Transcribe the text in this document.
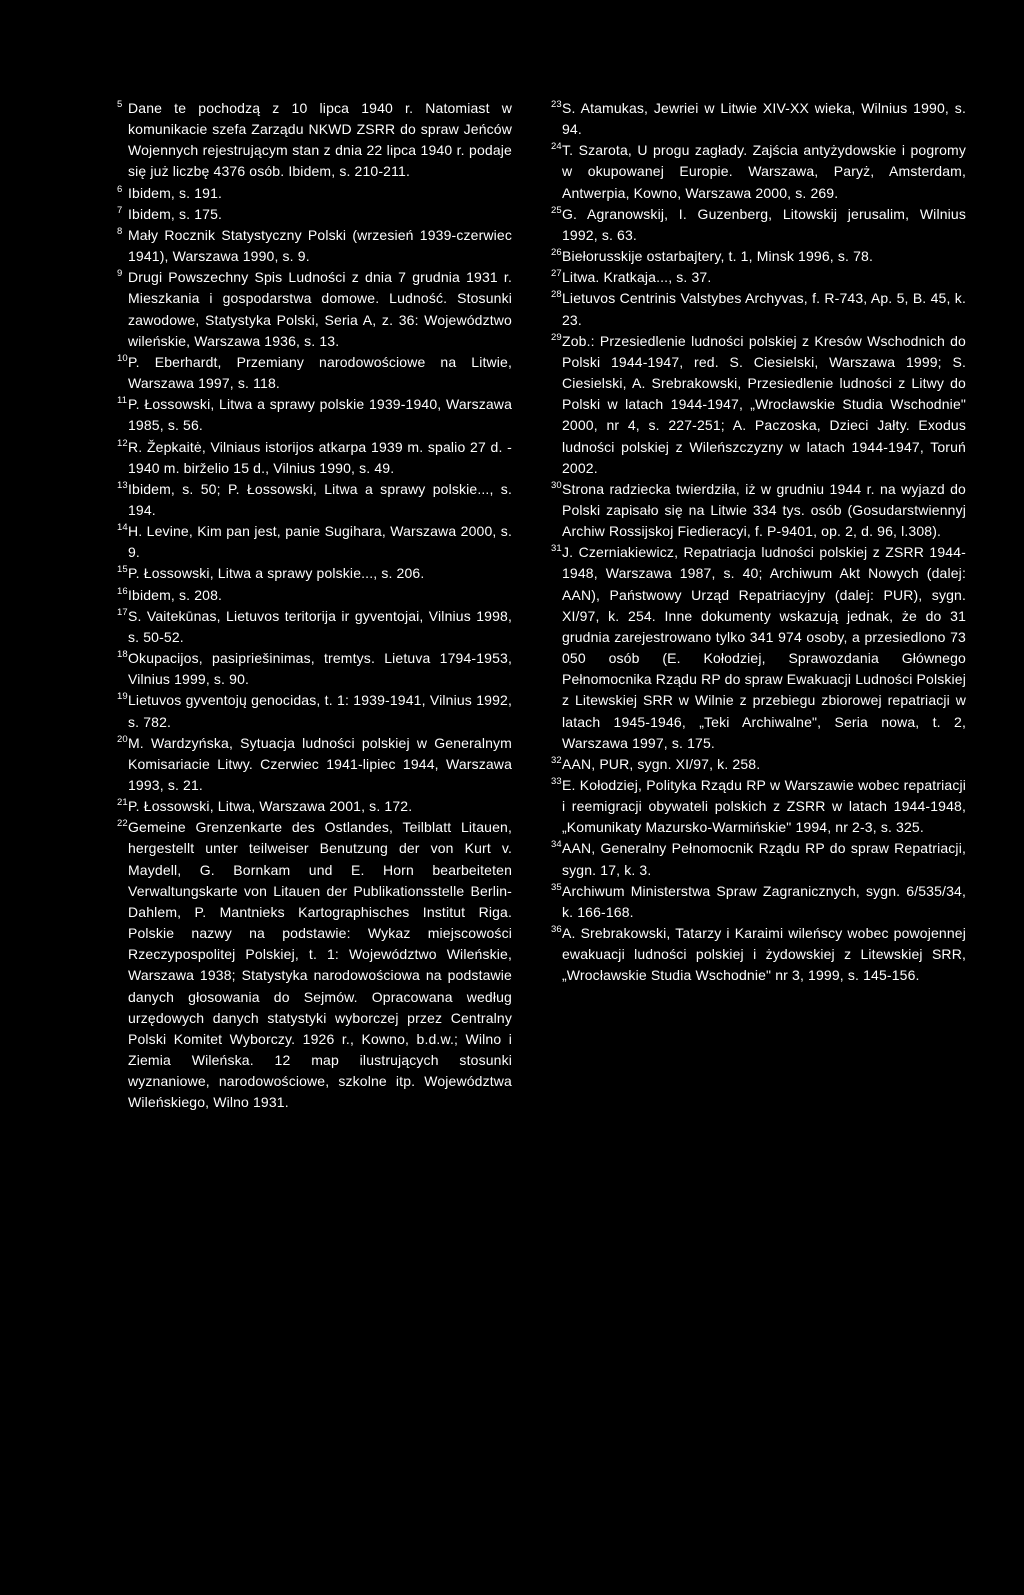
5 Dane te pochodzą z 10 lipca 1940 r. Natomiast w komunikacie szefa Zarządu NKWD ZSRR do spraw Jeńców Wojennych rejestrującym stan z dnia 22 lipca 1940 r. podaje się już liczbę 4376 osób. Ibidem, s. 210-211.
6 Ibidem, s. 191.
7 Ibidem, s. 175.
8 Mały Rocznik Statystyczny Polski (wrzesień 1939-czerwiec 1941), Warszawa 1990, s. 9.
9 Drugi Powszechny Spis Ludności z dnia 7 grudnia 1931 r. Mieszkania i gospodarstwa domowe. Ludność. Stosunki zawodowe, Statystyka Polski, Seria A, z. 36: Województwo wileńskie, Warszawa 1936, s. 13.
10 P. Eberhardt, Przemiany narodowościowe na Litwie, Warszawa 1997, s. 118.
11 P. Łossowski, Litwa a sprawy polskie 1939-1940, Warszawa 1985, s. 56.
12 R. Žepkaitė, Vilniaus istorijos atkarpa 1939 m. spalio 27 d. - 1940 m. birželio 15 d., Vilnius 1990, s. 49.
13 Ibidem, s. 50; P. Łossowski, Litwa a sprawy polskie..., s. 194.
14 H. Levine, Kim pan jest, panie Sugihara, Warszawa 2000, s. 9.
15 P. Łossowski, Litwa a sprawy polskie..., s. 206.
16 Ibidem, s. 208.
17 S. Vaitekūnas, Lietuvos teritorija ir gyventojai, Vilnius 1998, s. 50-52.
18 Okupacijos, pasipriešinimas, tremtys. Lietuva 1794-1953, Vilnius 1999, s. 90.
19 Lietuvos gyventojų genocidas, t. 1: 1939-1941, Vilnius 1992, s. 782.
20 M. Wardzyńska, Sytuacja ludności polskiej w Generalnym Komisariacie Litwy. Czerwiec 1941-lipiec 1944, Warszawa 1993, s. 21.
21 P. Łossowski, Litwa, Warszawa 2001, s. 172.
22 Gemeine Grenzenkarte des Ostlandes, Teilblatt Litauen, hergestellt unter teilweiser Benutzung der von Kurt v. Maydell, G. Bornkam und E. Horn bearbeiteten Verwaltungskarte von Litauen der Publikationsstelle Berlin-Dahlem, P. Mantnieks Kartographisches Institut Riga. Polskie nazwy na podstawie: Wykaz miejscowości Rzeczypospolitej Polskiej, t. 1: Województwo Wileńskie, Warszawa 1938; Statystyka narodowościowa na podstawie danych głosowania do Sejmów. Opracowana według urzędowych danych statystyki wyborczej przez Centralny Polski Komitet Wyborczy. 1926 r., Kowno, b.d.w.; Wilno i Ziemia Wileńska. 12 map ilustrujących stosunki wyznaniowe, narodowościowe, szkolne itp. Województwa Wileńskiego, Wilno 1931.
23 S. Atamukas, Jewriei w Litwie XIV-XX wieka, Wilnius 1990, s. 94.
24 T. Szarota, U progu zagłady. Zajścia antyżydowskie i pogromy w okupowanej Europie. Warszawa, Paryż, Amsterdam, Antwerpia, Kowno, Warszawa 2000, s. 269.
25 G. Agranowskij, I. Guzenberg, Litowskij jerusalim, Wilnius 1992, s. 63.
26 Biełorusskije ostarbajtery, t. 1, Minsk 1996, s. 78.
27 Litwa. Kratkaja..., s. 37.
28 Lietuvos Centrinis Valstybes Archyvas, f. R-743, Ap. 5, B. 45, k. 23.
29 Zob.: Przesiedlenie ludności polskiej z Kresów Wschodnich do Polski 1944-1947, red. S. Ciesielski, Warszawa 1999; S. Ciesielski, A. Srebrakowski, Przesiedlenie ludności z Litwy do Polski w latach 1944-1947, „Wrocławskie Studia Wschodnie" 2000, nr 4, s. 227-251; A. Paczoska, Dzieci Jałty. Exodus ludności polskiej z Wileńszczyzny w latach 1944-1947, Toruń 2002.
30 Strona radziecka twierdziła, iż w grudniu 1944 r. na wyjazd do Polski zapisało się na Litwie 334 tys. osób (Gosudarstwiennyj Archiw Rossijskoj Fiedieracyi, f. P-9401, op. 2, d. 96, l.308).
31 J. Czerniakiewicz, Repatriacja ludności polskiej z ZSRR 1944-1948, Warszawa 1987, s. 40; Archiwum Akt Nowych (dalej: AAN), Państwowy Urząd Repatriacyjny (dalej: PUR), sygn. XI/97, k. 254. Inne dokumenty wskazują jednak, że do 31 grudnia zarejestrowano tylko 341 974 osoby, a przesiedlono 73 050 osób (E. Kołodziej, Sprawozdania Głównego Pełnomocnika Rządu RP do spraw Ewakuacji Ludności Polskiej z Litewskiej SRR w Wilnie z przebiegu zbiorowej repatriacji w latach 1945-1946, „Teki Archiwalne", Seria nowa, t. 2, Warszawa 1997, s. 175.
32 AAN, PUR, sygn. XI/97, k. 258.
33 E. Kołodziej, Polityka Rządu RP w Warszawie wobec repatriacji i reemigracji obywateli polskich z ZSRR w latach 1944-1948, „Komunikaty Mazursko-Warmińskie" 1994, nr 2-3, s. 325.
34 AAN, Generalny Pełnomocnik Rządu RP do spraw Repatriacji, sygn. 17, k. 3.
35 Archiwum Ministerstwa Spraw Zagranicznych, sygn. 6/535/34, k. 166-168.
36 A. Srebrakowski, Tatarzy i Karaimi wileńscy wobec powojennej ewakuacji ludności polskiej i żydowskiej z Litewskiej SRR, „Wrocławskie Studia Wschodnie" nr 3, 1999, s. 145-156.
